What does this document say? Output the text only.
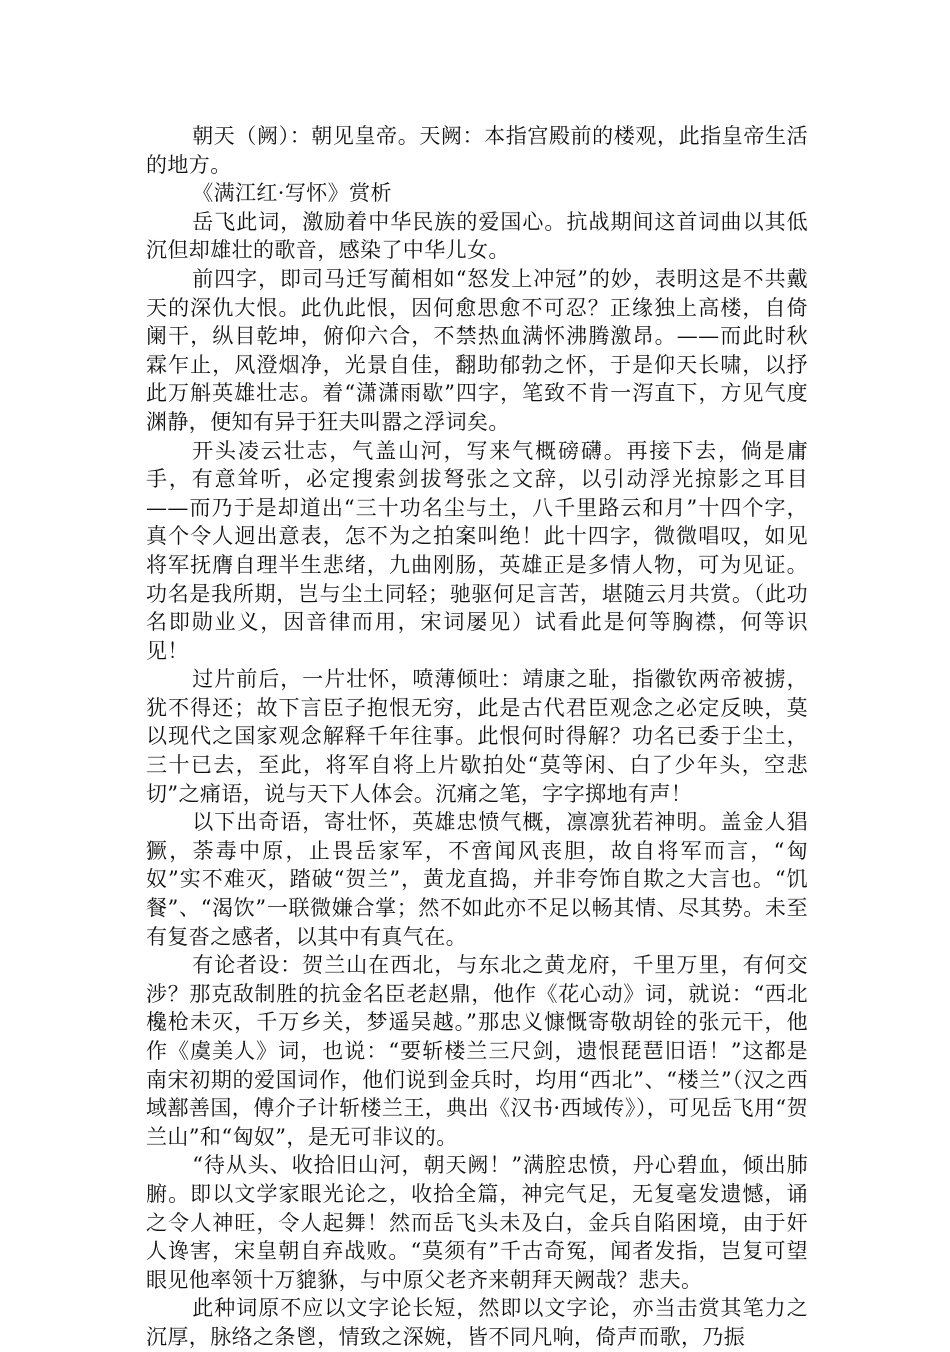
朝天（阙）：朝见皇帝。天阙：本指宫殿前的楼观，此指皇帝生活的地方。

《满江红·写怀》赏析

岳飞此词，激励着中华民族的爱国心。抗战期间这首词曲以其低沉但却雄壮的歌音，感染了中华儿女。

前四字，即司马迁写蔺相如“怒发上冲冠”的妙，表明这是不共戴天的深仇大恨。此仇此恨，因何愈思愈不可忍？正缘独上高楼，自倚阑干，纵目乾坤，俯仰六合，不禁热血满怀沸腾激昂。——而此时秋霖乍止，风澄烟净，光景自佳，翻助郁勃之怀，于是仰天长啸，以抒此万斛英雄壮志。着“潇潇雨歇”四字，笔致不肯一泻直下，方见气度渊静，便知有异于狂夫叫嚣之浮词矣。

开头凌云壮志，气盖山河，写来气概磅礴。再接下去，倘是庸手，有意耸听，必定搜索剑拔弩张之文辞，以引动浮光掠影之耳目——而乃于是却道出“三十功名尘与土，八千里路云和月”十四个字，真个令人迥出意表，怎不为之拍案叫绝！此十四字，微微唱叹，如见将军抚膺自理半生悲绪，九曲刚肠，英雄正是多情人物，可为见证。功名是我所期，岂与尘土同轻；驰驱何足言苦，堪随云月共赏。（此功名即勋业义，因音律而用，宋词屡见）试看此是何等胸襟，何等识见！

过片前后，一片壮怀，喷薄倾吐：靖康之耻，指徽钦两帝被掳，犹不得还；故下言臣子抱恨无穷，此是古代君臣观念之必定反映，莫以现代之国家观念解释千年往事。此恨何时得解？功名已委于尘土，三十已去，至此，将军自将上片歇拍处“莫等闲、白了少年头，空悲切”之痛语，说与天下人体会。沉痛之笔，字字掷地有声！

以下出奇语，寄壮怀，英雄忠愤气概，凛凛犹若神明。盖金人猖獗，荼毒中原，止畏岳家军，不啻闻风丧胆，故自将军而言，“匈奴”实不难灭，踏破“贺兰”，黄龙直捣，并非夸饰自欺之大言也。“饥餐”、“渴饮”一联微嫌合掌；然不如此亦不足以畅其情、尽其势。未至有复沓之感者，以其中有真气在。

有论者设：贺兰山在西北，与东北之黄龙府，千里万里，有何交涉？那克敌制胜的抗金名臣老赵鼎，他作《花心动》词，就说：“西北欃枪未灭，千万乡关，梦遥吴越。”那忠义慷慨寄敬胡铨的张元干，他作《虞美人》词，也说：“要斩楼兰三尺剑，遗恨琵琶旧语！”这都是南宋初期的爱国词作，他们说到金兵时，均用“西北”、“楼兰”（汉之西域鄯善国，傅介子计斩楼兰王，典出《汉书·西域传》），可见岳飞用“贺兰山”和“匈奴”，是无可非议的。

“待从头、收拾旧山河，朝天阙！”满腔忠愤，丹心碧血，倾出肺腑。即以文学家眼光论之，收拾全篇，神完气足，无复毫发遗憾，诵之令人神旺，令人起舞！然而岳飞头未及白，金兵自陷困境，由于奸人谗害，宋皇朝自弃战败。“莫须有”千古奇冤，闻者发指，岂复可望眼见他率领十万貔貅，与中原父老齐来朝拜天阙哉？悲夫。

此种词原不应以文字论长短，然即以文字论，亦当击赏其笔力之沉厚，脉络之条鬯，情致之深婉，皆不同凡响，倚声而歌，乃振
